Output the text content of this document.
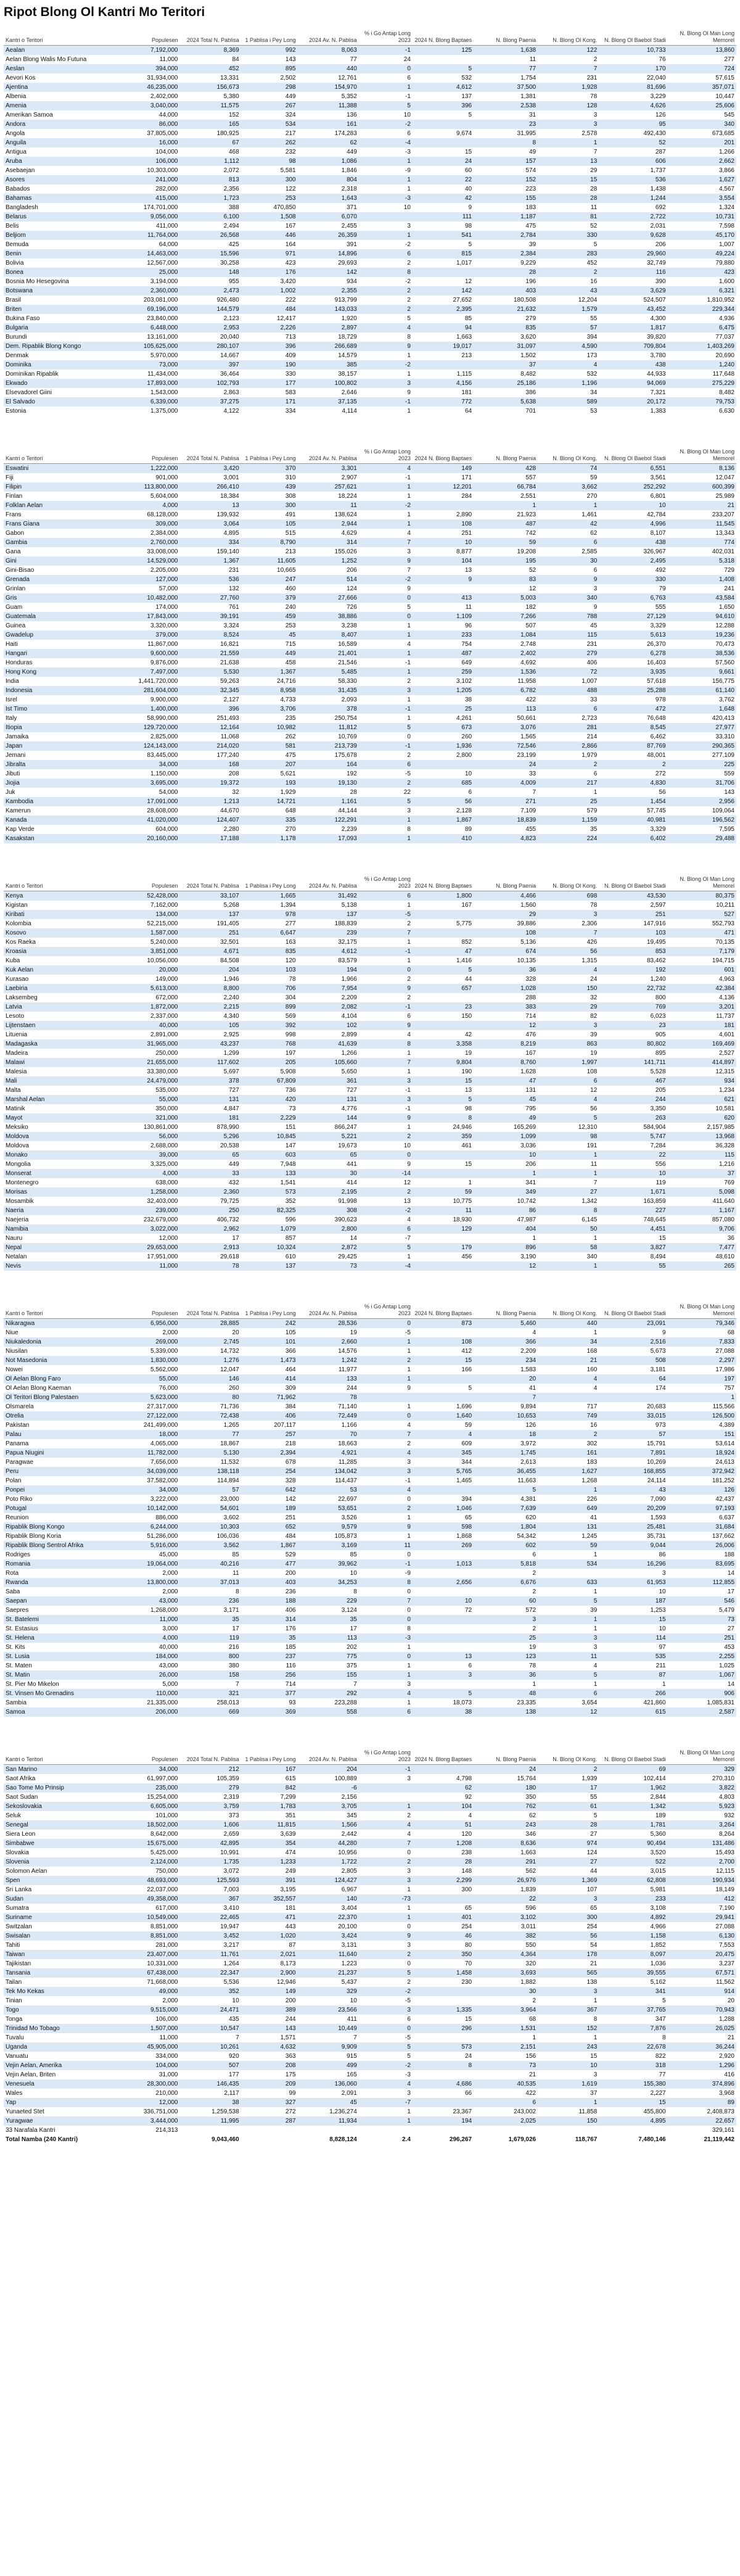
Ripot Blong Ol Kantri Mo Teritori
Kantri o Teritori	Populesen	2024 Total N. Pablisa	1 Pablisa i Pey Long	2024 Av. N. Pablisa	% i Go Antap Long 2023	2024 N. Blong Baptaes	N. Blong Paenia	N. Blong Ol Kong.	N. Blong Ol Baebol Stadi	N. Blong Ol Man Long Memorel
Aealan	7,192,000	8,369	992	8,063	-1	125	1,638	122	10,733	13,860
Aelan Blong Walis Mo Futuna	11,000	84	143	77	24		11	2	76	277
Aeslan	394,000	452	895	440	0	5	77	7	170	724
Aevori Kos	31,934,000	13,331	2,502	12,761	6	532	1,754	231	22,040	57,615
Ajentina	46,235,000	156,673	298	154,970	1	4,612	37,500	1,928	81,696	357,071
Albenia	2,402,000	5,380	449	5,352	-1	137	1,381	78	3,229	10,447
Amenia	3,040,000	11,575	267	11,388	5	396	2,538	128	4,626	25,606
Amerikan Samoa	44,000	152	324	136	10	5	31	3	126	545
Andora	86,000	165	534	161	-2		23	3	95	340
Angola	37,805,000	180,925	217	174,283	6	9,674	31,995	2,578	492,430	673,685
Anguila	16,000	67	262	62	-4		8	1	52	201
Antigua	104,000	468	232	449	-3	15	49	7	287	1,266
Aruba	106,000	1,112	98	1,086	1	24	157	13	606	2,662
Asebaejan	10,303,000	2,072	5,581	1,846	-9	60	574	29	1,737	3,866
Asores	241,000	813	300	804	1	22	152	15	536	1,627
Babados	282,000	2,356	122	2,318	1	40	223	28	1,438	4,567
Bahamas	415,000	1,723	253	1,643	-3	42	155	28	1,244	3,554
Bangladesh	174,701,000	388	470,850	371	10	9	183	11	692	1,324
Belarus	9,056,000	6,100	1,508	6,070		111	1,187	81	2,722	10,731
Belis	411,000	2,494	167	2,455	3	98	475	52	2,031	7,598
Beljiom	11,764,000	26,568	446	26,359	1	541	2,784	330	9,628	45,170
Bemuda	64,000	425	164	391	-2	5	39	5	206	1,007
Benin	14,463,000	15,596	971	14,896	6	815	2,384	283	29,960	49,224
Bolivia	12,567,000	30,258	423	29,693	2	1,017	9,229	452	32,749	79,880
Bonea	25,000	148	176	142	8		28	2	116	423
Bosnia Mo Hesegovina	3,194,000	955	3,420	934	-2	12	196	16	390	1,600
Botswana	2,360,000	2,473	1,002	2,355	2	142	403	43	3,629	6,321
Brasil	203,081,000	926,480	222	913,799	2	27,652	180,508	12,204	524,507	1,810,952
Briten	69,196,000	144,579	484	143,033	2	2,395	21,632	1,579	43,452	229,344
Bukina Faso	23,840,000	2,123	12,417	1,920	5	85	279	55	4,300	4,936
Bulgaria	6,448,000	2,953	2,226	2,897	4	94	835	57	1,817	6,475
Burundi	13,161,000	20,040	713	18,729	8	1,663	3,620	394	39,820	77,037
Dem. Ripablik Blong Kongo	105,625,000	280,107	396	266,689	9	19,017	31,097	4,590	709,804	1,403,269
Denmak	5,970,000	14,667	409	14,579	1	213	1,502	173	3,780	20,690
Dominika	73,000	397	190	385	-2		37	4	438	1,240
Dominikan Ripablik	11,434,000	36,464	330	38,157	1	1,115	8,482	532	44,933	117,648
Ekwado	17,893,000	102,793	177	100,802	3	4,156	25,186	1,196	94,069	275,229
Elsevadorel Giini	1,543,000	2,863	583	2,646	9	181	386	34	7,321	8,482
El Salvado	6,339,000	37,275	171	37,135	-1	772	5,638	589	20,172	79,753
Estonia	1,375,000	4,122	334	4,114	1	64	701	53	1,383	6,630
Kantri o Teritori	Populesen	2024 Total N. Pablisa	1 Pablisa i Pey Long	2024 Av. N. Pablisa	% i Go Antap Long 2023	2024 N. Blong Baptaes	N. Blong Paenia	N. Blong Ol Kong.	N. Blong Ol Baebol Stadi	N. Blong Ol Man Long Memorel
Eswatini	1,222,000	3,420	370	3,301	4	149	428	74	6,551	8,136
Fiji	901,000	3,001	310	2,907	-1	171	557	59	3,561	12,047
Filipin	113,800,000	266,410	439	257,621	1	12,201	66,784	3,662	252,292	600,399
Finlan	5,604,000	18,384	308	18,224	1	284	2,551	270	6,801	25,989
Folklan Aelan	4,000	13	300	11	-2		1	1	10	21
Frans	68,128,000	139,932	491	138,624	1	2,890	21,923	1,461	42,784	233,207
Frans Giana	309,000	3,064	105	2,944	1	108	487	42	4,996	11,545
Gabon	2,384,000	4,895	515	4,629	4	251	742	62	8,107	13,343
Gambia	2,760,000	334	8,790	314	7	10	59	6	438	774
Gana	33,008,000	159,140	213	155,026	3	8,877	19,208	2,585	326,967	402,031
Gini	14,529,000	1,367	11,605	1,252	9	104	195	30	2,495	5,318
Gini-Bisao	2,205,000	231	10,665	206	7	13	52	6	492	729
Grenada	127,000	536	247	514	-2	9	83	9	330	1,408
Grinlan	57,000	132	460	124	9		12	3	79	241
Gris	10,482,000	27,760	379	27,666	0	413	5,003	340	6,763	43,584
Guam	174,000	761	240	726	5	11	182	9	555	1,650
Guatemala	17,843,000	39,191	459	38,886	0	1,109	7,266	788	27,129	94,610
Guinea	3,320,000	3,324	253	3,238	1	96	507	45	3,329	12,288
Gwadelup	379,000	8,524	45	8,407	1	233	1,084	115	5,613	19,236
Haiti	11,867,000	16,821	715	16,589	4	754	2,748	231	26,370	70,473
Hangari	9,600,000	21,559	449	21,401	1	487	2,402	279	6,278	38,536
Honduras	9,876,000	21,638	458	21,546	-1	649	4,692	406	16,403	57,560
Hong Kong	7,497,000	5,530	1,367	5,485	1	259	1,536	72	3,935	9,661
India	1,441,720,000	59,263	24,716	58,330	2	3,102	11,958	1,007	57,618	156,775
Indonesia	281,604,000	32,345	8,958	31,435	3	1,205	6,782	488	25,288	61,140
Isrel	9,900,000	2,127	4,733	2,093	1	38	422	33	978	3,762
Ist Timo	1,400,000	396	3,706	378	-1	25	113	6	472	1,648
Italy	58,990,000	251,493	235	250,754	1	4,261	50,661	2,723	76,648	420,413
Itiopia	129,720,000	12,164	10,982	11,812	5	673	3,076	281	8,545	27,977
Jamaika	2,825,000	11,068	262	10,769	0	260	1,565	214	6,462	33,310
Japan	124,143,000	214,020	581	213,739	-1	1,936	72,546	2,866	87,769	290,365
Jemani	83,445,000	177,240	475	175,678	2	2,800	23,199	1,979	48,001	277,109
Jibralta	34,000	168	207	164	6		24	2	2	225
Jibuti	1,150,000	208	5,621	192	-5	10	33	6	272	559
Jiojia	3,695,000	19,372	193	19,130	2	685	4,009	217	4,830	31,706
Juk	54,000	32	1,929	28	22	6	7	1	56	143
Kambodia	17,091,000	1,213	14,721	1,161	5	56	271	25	1,454	2,956
Kamerun	28,608,000	44,670	648	44,144	3	2,128	7,109	579	57,745	109,064
Kanada	41,020,000	124,407	335	122,291	1	1,867	18,839	1,159	40,981	196,562
Kap Verde	604,000	2,280	270	2,239	8	89	455	35	3,329	7,595
Kasakstan	20,160,000	17,188	1,178	17,093	1	410	4,823	224	6,402	29,488
Kantri o Teritori	Populesen	2024 Total N. Pablisa	1 Pablisa i Pey Long	2024 Av. N. Pablisa	% i Go Antap Long 2023	2024 N. Blong Baptaes	N. Blong Paenia	N. Blong Ol Kong.	N. Blong Ol Baebol Stadi	N. Blong Ol Man Long Memorel
Kenya	52,428,000	33,107	1,665	31,492	6	1,800	4,466	698	43,530	80,375
Kigistan	7,162,000	5,268	1,394	5,138	1	167	1,560	78	2,597	10,211
Kiribati	134,000	137	978	137	-5		29	3	251	527
Kolombia	52,215,000	191,405	277	188,839	2	5,775	39,886	2,306	147,916	552,793
Kosovo	1,587,000	251	6,647	239	7		108	7	103	471
Kos Raeka	5,240,000	32,501	163	32,175	1	852	5,136	426	19,495	70,135
Kroasia	3,851,000	4,671	835	4,612	-1	47	674	56	853	7,179
Kuba	10,056,000	84,508	120	83,579	1	1,416	10,135	1,315	83,462	194,715
Kuk Aelan	20,000	204	103	194	0	5	36	4	192	601
Kurasao	149,000	1,946	78	1,966	2	44	328	24	1,240	4,963
Laebiria	5,613,000	8,800	706	7,954	9	657	1,028	150	22,732	42,384
Laksembeg	672,000	2,240	304	2,209	2		288	32	800	4,136
Latvia	1,872,000	2,215	899	2,082	-1	23	383	29	769	3,201
Lesoto	2,337,000	4,340	569	4,104	6	150	714	82	6,023	11,737
Lijtenstaen	40,000	105	392	102	9		12	3	23	181
Lituenia	2,891,000	2,925	998	2,899	4	42	476	39	905	4,601
Madagaska	31,965,000	43,237	768	41,639	8	3,358	8,219	863	80,802	169,469
Madeira	250,000	1,299	197	1,266	1	19	167	19	895	2,527
Malawi	21,655,000	117,602	205	105,660	7	9,804	8,760	1,997	141,711	414,897
Malesia	33,380,000	5,697	5,908	5,650	1	190	1,628	108	5,528	12,315
Mali	24,479,000	378	67,809	361	3	15	47	6	467	934
Malta	535,000	727	736	727	-1	13	131	12	205	1,234
Marshal Aelan	55,000	131	420	131	3	5	45	4	244	621
Matinik	350,000	4,847	73	4,776	-1	98	795	56	3,350	10,581
Mayot	321,000	181	2,229	144	9	8	49	5	263	620
Meksiko	130,861,000	878,990	151	866,247	1	24,946	165,269	12,310	584,904	2,157,985
Moldova	56,000	5,296	10,845	5,221	2	359	1,099	98	5,747	13,968
Moldova	2,688,000	20,538	147	19,673	10	461	3,036	191	7,284	36,328
Monako	39,000	65	603	65	0		10	1	22	115
Mongolia	3,325,000	449	7,948	441	9	15	206	11	556	1,216
Monserat	4,000	33	133	30	-14		1	1	10	37
Montenegro	638,000	432	1,541	414	12	1	341	7	119	769
Morisas	1,258,000	2,360	573	2,195	2	59	349	27	1,671	5,098
Mosambik	32,403,000	79,725	352	91,998	13	10,775	10,742	1,342	163,859	411,640
Naeria	239,000	250	82,325	308	-2	11	86	8	227	1,167
Naejeria	232,679,000	406,732	596	390,623	4	18,930	47,987	6,145	748,645	857,080
Namibia	3,022,000	2,962	1,079	2,800	6	129	404	50	4,451	9,706
Nauru	12,000	17	857	14	-7		1	1	15	36
Nepal	29,653,000	2,913	10,324	2,872	5	179	896	58	3,827	7,477
Netalan	17,951,000	29,618	610	29,425	1	456	3,190	340	8,494	48,610
Nevis	11,000	78	137	73	-4		12	1	55	265
Kantri o Teritori	Populesen	2024 Total N. Pablisa	1 Pablisa i Pey Long	2024 Av. N. Pablisa	% i Go Antap Long 2023	2024 N. Blong Baptaes	N. Blong Paenia	N. Blong Ol Kong.	N. Blong Ol Baebol Stadi	N. Blong Ol Man Long Memorel
Nikaragwa	6,956,000	28,885	242	28,536	0	873	5,460	440	23,091	79,346
Niue	2,000	20	105	19	-5		4	1	9	68
Niukaledonia	269,000	2,745	101	2,660	1	108	366	34	2,516	7,833
Niusilan	5,339,000	14,732	366	14,576	1	412	2,209	168	5,673	27,088
Not Masedonia	1,830,000	1,276	1,473	1,242	2	15	234	21	508	2,297
Nowei	5,562,000	12,047	464	11,977	1	166	1,583	160	3,181	17,986
Ol Aelan Blong Faro	55,000	146	414	133	1		20	4	64	197
Ol Aelan Blong Kaeman	76,000	260	309	244	9	5	41	4	174	757
Ol Teritori Blong Palestaen	5,623,000	80	71,962	78			7			1
Olsmarela	27,317,000	71,736	384	71,140	1	1,696	9,894	717	20,683	115,566
Otrelia	27,122,000	72,438	406	72,449	0	1,640	10,653	749	33,015	126,500
Pakistan	241,499,000	1,265	207,117	1,166	4	59	126	16	973	4,389
Palau	18,000	77	257	70	7	4	18	2	57	151
Panama	4,065,000	18,867	218	18,663	2	609	3,972	302	15,791	53,614
Papua Niugini	11,782,000	5,130	2,394	4,921	4	345	1,745	161	7,891	18,924
Paragwae	7,656,000	11,532	678	11,285	3	344	2,613	183	10,269	24,613
Peru	34,039,000	138,118	254	134,042	3	5,765	36,455	1,627	168,855	372,942
Polan	37,582,000	114,894	328	114,437	-1	1,465	11,663	1,268	24,114	181,252
Ponpei	34,000	57	642	53	4		5	1	43	126
Poto Riko	3,222,000	23,000	142	22,697	0	394	4,381	226	7,090	42,437
Potugal	10,142,000	54,601	189	53,651	2	1,046	7,639	649	20,209	97,193
Reunion	886,000	3,602	251	3,526	1	65	620	41	1,593	6,637
Ripablik Blong Kongo	6,244,000	10,303	652	9,579	9	598	1,804	131	25,481	31,684
Ripablik Blong Koria	51,286,000	106,036	484	105,873	1	1,868	54,342	1,245	35,731	137,662
Ripablik Blong Sentrol Afrika	5,916,000	3,562	1,867	3,169	11	269	602	59	9,044	26,006
Rodriges	45,000	85	529	85	0		6	1	86	188
Romania	19,064,000	40,216	477	39,962	-1	1,013	5,818	534	16,296	83,695
Rota	2,000	11	200	10	-9		2		3	14
Rwanda	13,800,000	37,013	403	34,253	8	2,656	6,676	633	61,953	112,855
Saba	2,000	8	236	8	0		2	1	10	17
Saepan	43,000	236	188	229	7	10	60	5	187	546
Saepres	1,268,000	3,171	406	3,124	0	72	572	39	1,253	5,479
St. Batelemi	11,000	35	314	35	0		3	1	15	73
St. Estasius	3,000	17	176	17	8		2	1	10	27
St. Helena	4,000	119	35	113	-3		25	3	114	251
St. Kits	40,000	216	185	202	1		19	3	97	453
St. Lusia	184,000	800	237	775	0	13	123	11	535	2,255
St. Maten	43,000	380	116	375	1	6	78	4	211	1,025
St. Matin	26,000	158	256	155	1	3	36	5	87	1,067
St. Pier Mo Mikelon	5,000	7	714	7	3		1	1	1	14
St. Vinsen Mo Grenadins	110,000	321	377	292	4	5	48	6	266	906
Sambia	21,335,000	258,013	93	223,288	1	18,073	23,335	3,654	421,860	1,085,831
Samoa	206,000	669	369	558	6	38	138	12	615	2,587
Kantri o Teritori	Populesen	2024 Total N. Pablisa	1 Pablisa i Pey Long	2024 Av. N. Pablisa	% i Go Antap Long 2023	2024 N. Blong Baptaes	N. Blong Paenia	N. Blong Ol Kong.	N. Blong Ol Baebol Stadi	N. Blong Ol Man Long Memorel
San Marino	34,000	212	167	204	-1		24	2	69	329
Saot Afrika	61,997,000	105,359	615	100,889	3	4,798	15,764	1,939	102,414	270,310
Sao Tome Mo Prinsip	235,000	279	842	-6		62	180	17	1,962	3,822
Saot Sudan	15,254,000	2,319	7,299	2,156		92	350	55	2,844	4,803
Sekoslovakia	6,605,000	3,759	1,783	3,705	1	104	762	61	1,342	5,923
Seluk	101,000	373	351	345	2	4	62	5	189	932
Senegal	18,502,000	1,606	11,815	1,566	4	51	243	28	1,781	3,264
Siera Leon	8,642,000	2,659	3,639	2,442	4	120	346	27	5,360	8,264
Simbabwe	15,675,000	42,895	354	44,280	7	1,208	8,636	974	90,494	131,486
Slovakia	5,425,000	10,991	474	10,956	0	238	1,663	124	3,520	15,493
Slovenia	2,124,000	1,735	1,233	1,722	2	28	291	27	522	2,700
Solomon Aelan	750,000	3,072	249	2,805	3	148	562	44	3,015	12,115
Spen	48,693,000	125,593	391	124,427	3	2,299	26,976	1,369	62,808	190,934
Sri Lanka	22,037,000	7,003	3,195	6,967	1	300	1,839	107	5,981	18,149
Sudan	49,358,000	367	352,557	140	-73		22	3	233	412
Sumatra	617,000	3,410	181	3,404	1	65	596	65	3,108	7,190
Suriname	10,549,000	22,465	471	22,370	1	401	3,102	300	4,892	29,941
Switzalan	8,851,000	19,947	443	20,100	0	254	3,011	254	4,966	27,088
Swisalan	8,851,000	3,452	1,020	3,424	9	46	382	56	1,158	6,130
Tahiti	281,000	3,217	87	3,131	3	80	550	54	1,852	7,553
Taiwan	23,407,000	11,761	2,021	11,640	2	350	4,364	178	8,097	20,475
Tajikistan	10,331,000	1,264	8,173	1,223	0	70	320	21	1,036	3,237
Tansania	67,438,000	22,347	2,900	21,237	5	1,458	3,693	565	39,555	67,571
Tailan	71,668,000	5,536	12,946	5,437	2	230	1,882	138	5,162	11,562
Tek Mo Kekas	49,000	352	149	329	-2		30	3	341	914
Tinian	2,000	10	200	10	-5		2	1	5	20
Togo	9,515,000	24,471	389	23,566	3	1,335	3,964	367	37,765	70,943
Tonga	106,000	435	244	411	6	15	68	8	347	1,288
Trinidad Mo Tobago	1,507,000	10,547	143	10,449	0	296	1,531	152	7,876	26,025
Tuvalu	11,000	7	1,571	7	-5		1	1	8	21
Uganda	45,905,000	10,261	4,632	9,909	5	573	2,151	243	22,678	36,244
Vanuatu	334,000	920	363	915	5	24	156	15	822	2,920
Vejin Aelan, Amerika	104,000	507	208	499	-2	8	73	10	318	1,296
Vejin Aelan, Briten	31,000	177	175	165	-3		21	3	77	416
Venesuela	28,300,000	146,435	209	136,060	4	4,686	40,535	1,619	155,380	374,896
Wales	210,000	2,117	99	2,091	3	66	422	37	2,227	3,968
Yap	12,000	38	327	45	-7		6	1	15	89
Yunaeted Stet	336,751,000	1,259,538	272	1,236,274	1	23,367	243,002	11,858	455,800	2,408,873
Yuragwae	3,444,000	11,995	287	11,934	1	194	2,025	150	4,895	22,657
33 Narafala Kantri	214,313									329,161
Total Namba (240 Kantri)		9,043,460		8,828,124	2.4	296,267	1,679,026	118,767	7,480,146	21,119,442
